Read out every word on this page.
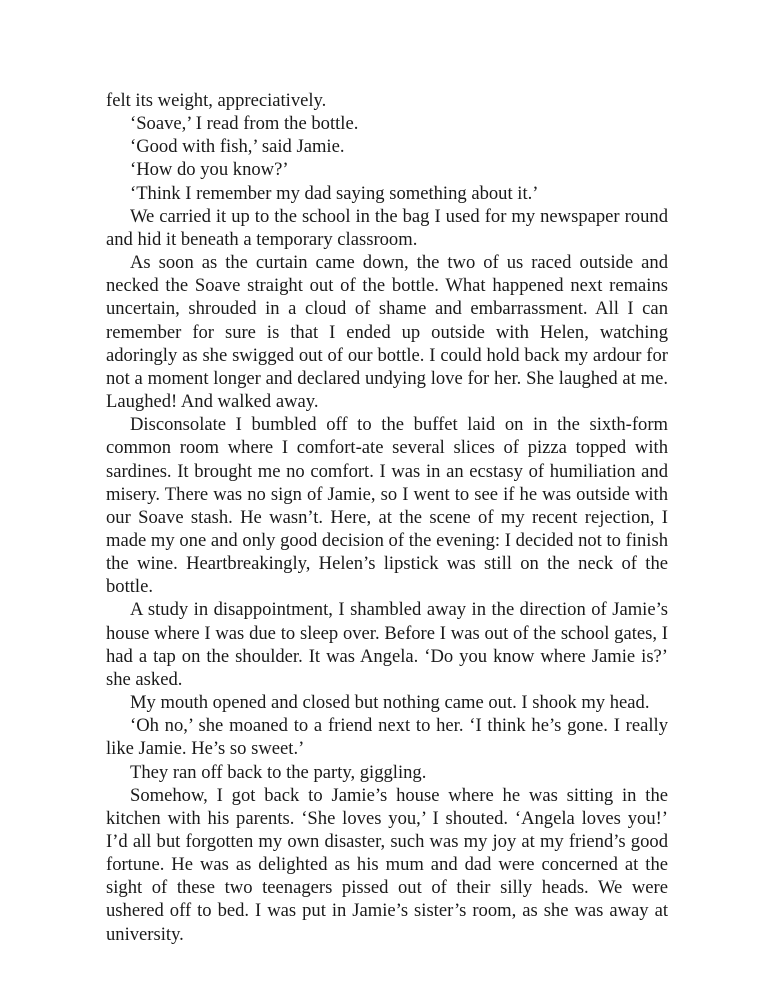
felt its weight, appreciatively.

‘Soave,’ I read from the bottle.

‘Good with fish,’ said Jamie.

‘How do you know?’

‘Think I remember my dad saying something about it.’

We carried it up to the school in the bag I used for my newspaper round and hid it beneath a temporary classroom.

As soon as the curtain came down, the two of us raced outside and necked the Soave straight out of the bottle. What happened next remains uncertain, shrouded in a cloud of shame and embarrassment. All I can remember for sure is that I ended up outside with Helen, watching adoringly as she swigged out of our bottle. I could hold back my ardour for not a moment longer and declared undying love for her. She laughed at me. Laughed! And walked away.

Disconsolate I bumbled off to the buffet laid on in the sixth-form common room where I comfort-ate several slices of pizza topped with sardines. It brought me no comfort. I was in an ecstasy of humiliation and misery. There was no sign of Jamie, so I went to see if he was outside with our Soave stash. He wasn’t. Here, at the scene of my recent rejection, I made my one and only good decision of the evening: I decided not to finish the wine. Heartbreakingly, Helen’s lipstick was still on the neck of the bottle.

A study in disappointment, I shambled away in the direction of Jamie’s house where I was due to sleep over. Before I was out of the school gates, I had a tap on the shoulder. It was Angela. ‘Do you know where Jamie is?’ she asked.

My mouth opened and closed but nothing came out. I shook my head.

‘Oh no,’ she moaned to a friend next to her. ‘I think he’s gone. I really like Jamie. He’s so sweet.’

They ran off back to the party, giggling.

Somehow, I got back to Jamie’s house where he was sitting in the kitchen with his parents. ‘She loves you,’ I shouted. ‘Angela loves you!’ I’d all but forgotten my own disaster, such was my joy at my friend’s good fortune. He was as delighted as his mum and dad were concerned at the sight of these two teenagers pissed out of their silly heads. We were ushered off to bed. I was put in Jamie’s sister’s room, as she was away at university.
